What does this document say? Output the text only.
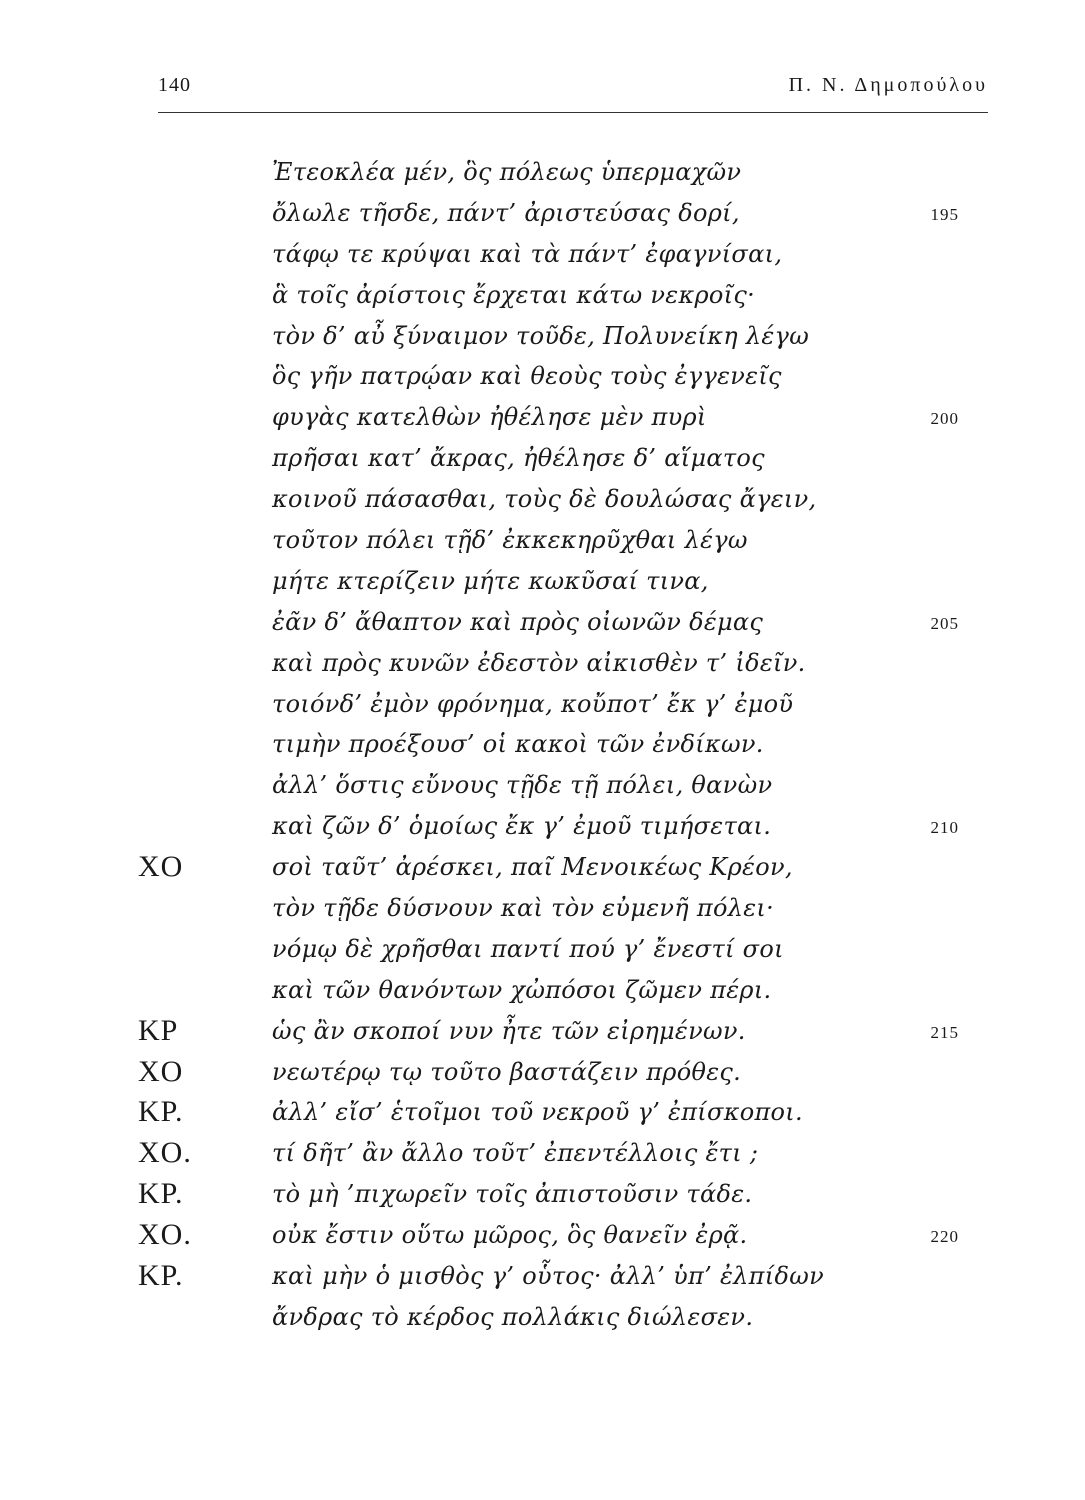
140	Π. Ν. Δημοπούλου
Ἐτεοκλέα μέν, ὃς πόλεως ὑπερμαχῶν
ὄλωλε τῆσδε, πάντ’ ἀριστεύσας δορί,	195
τάφῳ τε κρύψαι καὶ τὰ πάντ’ ἐφαγνίσαι,
ἃ τοῖς ἀρίστοις ἔρχεται κάτω νεκροῖς·
τὸν δ’ αὖ ξύναιμον τοῦδε, Πολυνείκη λέγω
ὃς γῆν πατρῴαν καὶ θεοὺς τοὺς ἐγγενεῖς
φυγὰς κατελθὼν ἠθέλησε μὲν πυρὶ	200
πρῆσαι κατ’ ἄκρας, ἠθέλησε δ’ αἵματος
κοινοῦ πάσασθαι, τοὺς δὲ δουλώσας ἄγειν,
τοῦτον πόλει τῇδ’ ἐκκεκηρῦχθαι λέγω
μήτε κτερίζειν μήτε κωκῦσαί τινα,
ἐᾶν δ’ ἄθαπτον καὶ πρὸς οἰωνῶν δέμας	205
καὶ πρὸς κυνῶν ἐδεστὸν αἰκισθὲν τ’ ἰδεῖν.
τοιόνδ’ ἐμὸν φρόνημα, κοὔποτ’ ἔκ γ’ ἐμοῦ
τιμὴν προέξουσ’ οἱ κακοὶ τῶν ἐνδίκων.
ἀλλ’ ὅστις εὔνους τῇδε τῇ πόλει, θανὼν
καὶ ζῶν δ’ ὁμοίως ἔκ γ’ ἐμοῦ τιμήσεται.	210
ΧΟ	σοὶ ταῦτ’ ἀρέσκει, παῖ Μενοικέως Κρέον,
τὸν τῇδε δύσνουν καὶ τὸν εὐμενῆ πόλει·
νόμῳ δὲ χρῆσθαι παντί πού γ’ ἔνεστί σοι
καὶ τῶν θανόντων χὠπόσοι ζῶμεν πέρι.
ΚΡ	ὡς ἂν σκοποί νυν ἦτε τῶν εἰρημένων.	215
ΧΟ	νεωτέρῳ τῳ τοῦτο βαστάζειν πρόθες.
ΚΡ.	ἀλλ’ εἴσ’ ἑτοῖμοι τοῦ νεκροῦ γ’ ἐπίσκοποι.
ΧΟ.	τί δῆτ’ ἂν ἄλλο τοῦτ’ ἐπεντέλλοις ἔτι ;
ΚΡ.	τὸ μὴ ’πιχωρεῖν τοῖς ἀπιστοῦσιν τάδε.
ΧΟ.	οὐκ ἔστιν οὕτω μῶρος, ὃς θανεῖν ἐρᾷ.	220
ΚΡ.	καὶ μὴν ὁ μισθὸς γ’ οὗτος· ἀλλ’ ὑπ’ ἐλπίδων
ἄνδρας τὸ κέρδος πολλάκις διώλεσεν.
